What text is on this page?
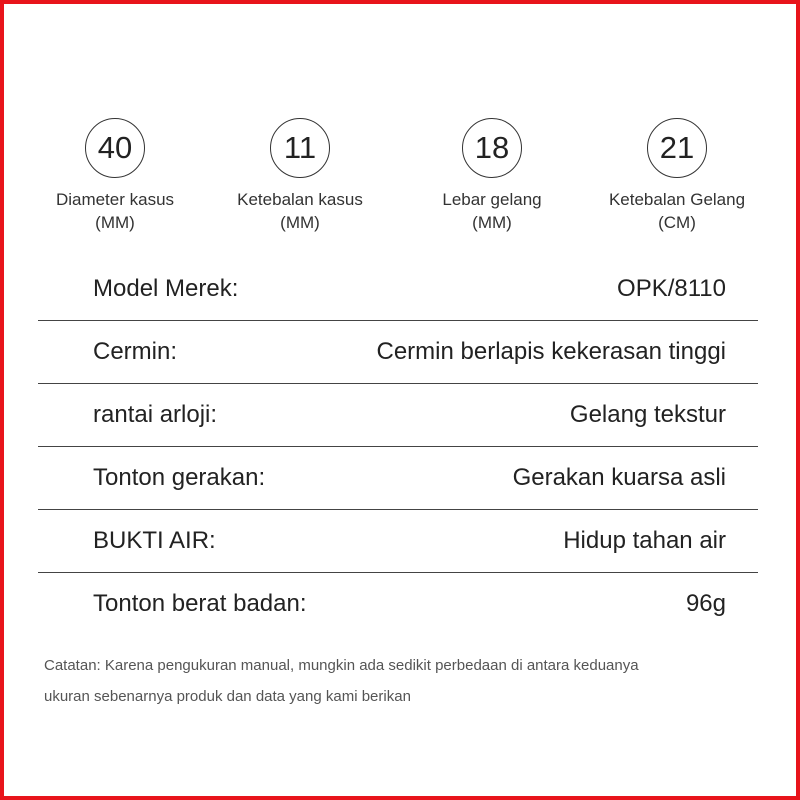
40
Diameter kasus
(MM)
11
Ketebalan kasus
(MM)
18
Lebar gelang
(MM)
21
Ketebalan Gelang
(CM)
Model Merek:	OPK/8110
Cermin:	Cermin berlapis kekerasan tinggi
rantai arloji:	Gelang tekstur
Tonton gerakan:	Gerakan kuarsa asli
BUKTI AIR:	Hidup tahan air
Tonton berat badan:	96g
Catatan: Karena pengukuran manual, mungkin ada sedikit perbedaan di antara keduanya
ukuran sebenarnya produk dan data yang kami berikan
